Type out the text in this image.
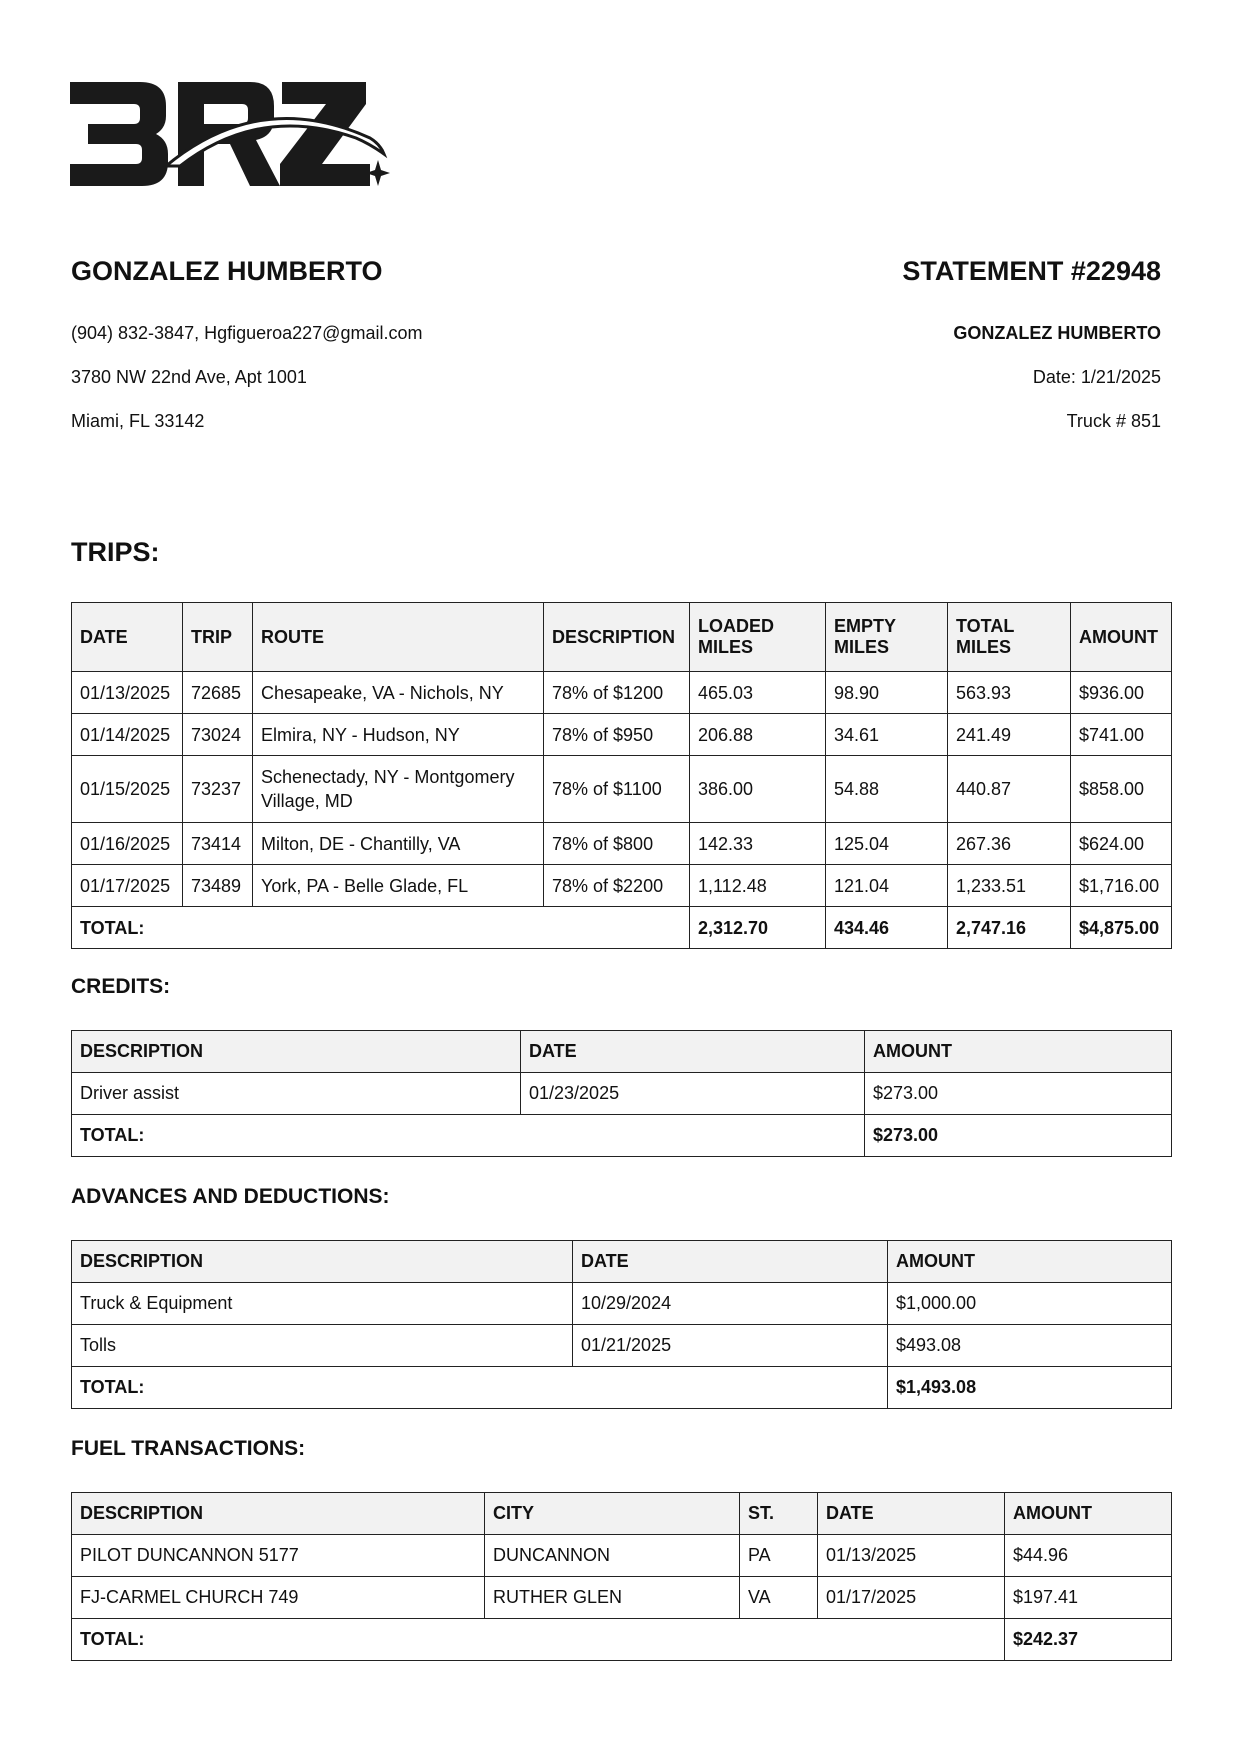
GONZALEZ HUMBERTO
(904) 832-3847, Hgfigueroa227@gmail.com
3780 NW 22nd Ave, Apt 1001
Miami, FL 33142
STATEMENT #22948
GONZALEZ HUMBERTO
Date: 1/21/2025
Truck # 851
TRIPS:
DATE	TRIP	ROUTE	DESCRIPTION	LOADED MILES	EMPTY MILES	TOTAL MILES	AMOUNT
01/13/2025	72685	Chesapeake, VA - Nichols, NY	78% of $1200	465.03	98.90	563.93	$936.00
01/14/2025	73024	Elmira, NY - Hudson, NY	78% of $950	206.88	34.61	241.49	$741.00
01/15/2025	73237	Schenectady, NY - Montgomery Village, MD	78% of $1100	386.00	54.88	440.87	$858.00
01/16/2025	73414	Milton, DE - Chantilly, VA	78% of $800	142.33	125.04	267.36	$624.00
01/17/2025	73489	York, PA - Belle Glade, FL	78% of $2200	1,112.48	121.04	1,233.51	$1,716.00
TOTAL:				2,312.70	434.46	2,747.16	$4,875.00
CREDITS:
DESCRIPTION	DATE	AMOUNT
Driver assist	01/23/2025	$273.00
TOTAL:		$273.00
ADVANCES AND DEDUCTIONS:
DESCRIPTION	DATE	AMOUNT
Truck & Equipment	10/29/2024	$1,000.00
Tolls	01/21/2025	$493.08
TOTAL:		$1,493.08
FUEL TRANSACTIONS:
DESCRIPTION	CITY	ST.	DATE	AMOUNT
PILOT DUNCANNON 5177	DUNCANNON	PA	01/13/2025	$44.96
FJ-CARMEL CHURCH 749	RUTHER GLEN	VA	01/17/2025	$197.41
TOTAL:				$242.37
